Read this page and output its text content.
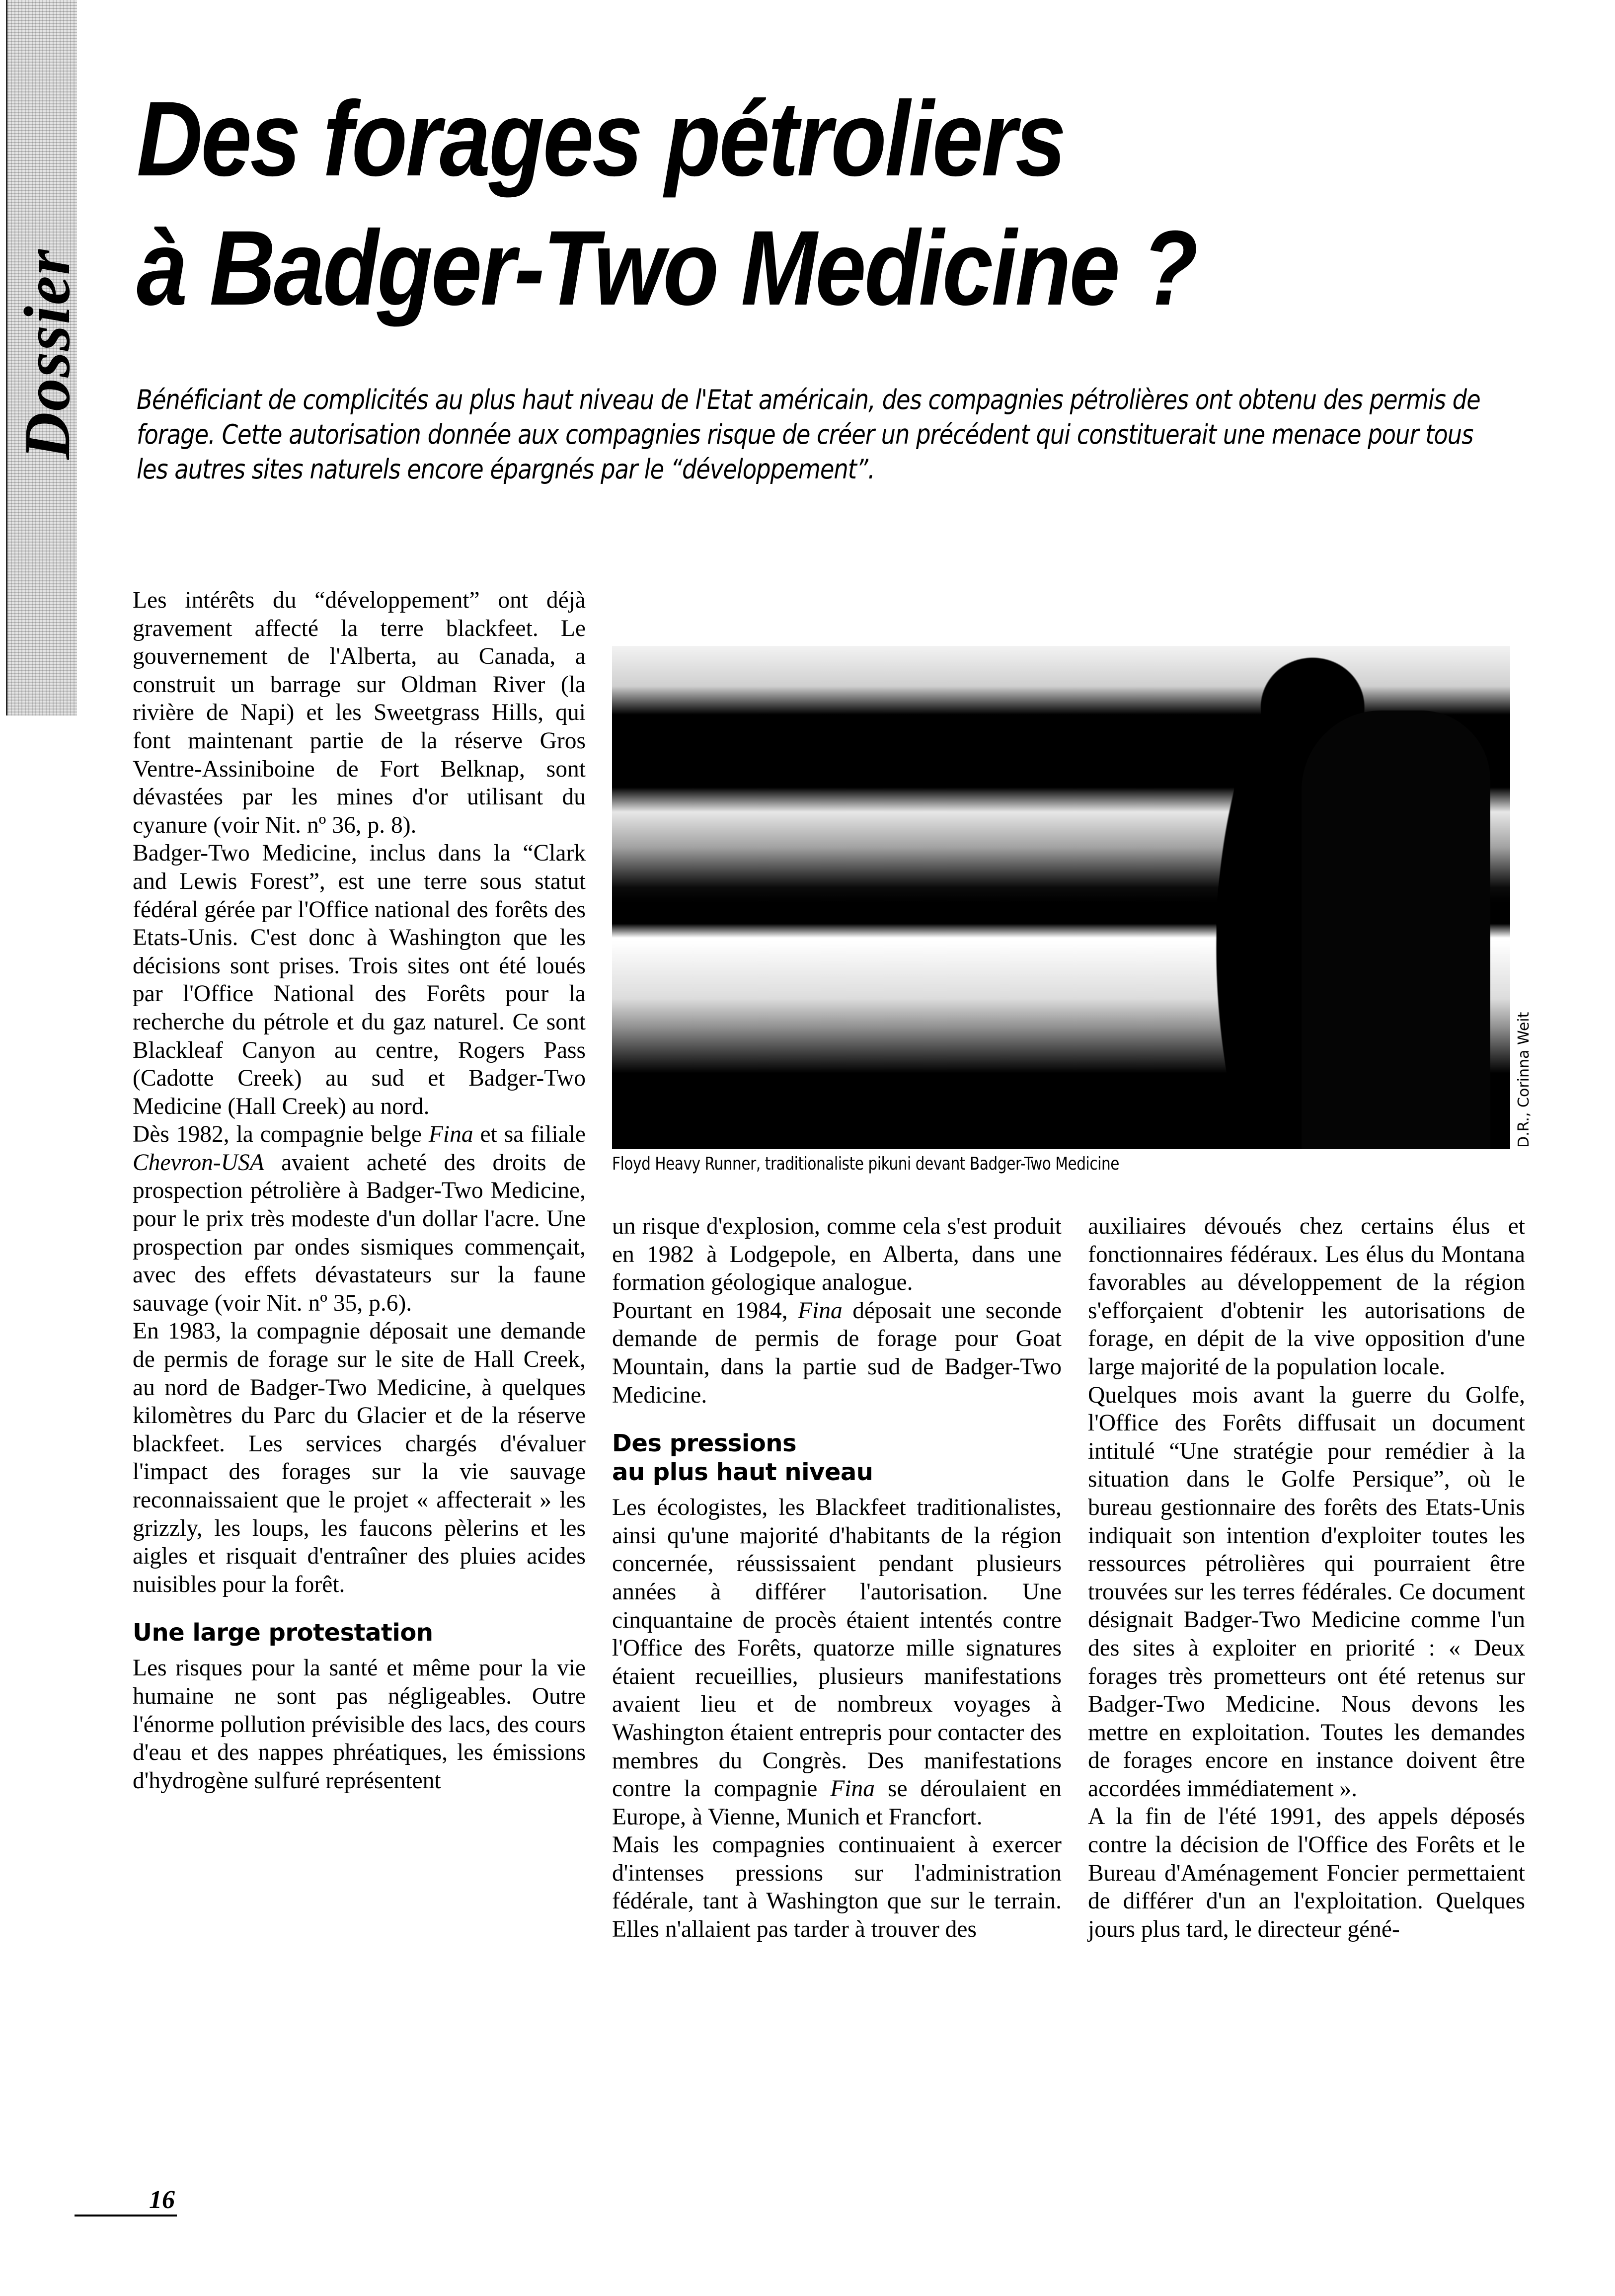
Dossier
Des forages pétroliers
à Badger-Two Medicine ?

Bénéficiant de complicités au plus haut niveau de l'Etat américain, des compagnies pétrolières ont obtenu des permis de forage. Cette autorisation donnée aux compagnies risque de créer un précédent qui constituerait une menace pour tous les autres sites naturels encore épargnés par le “développement”.

Les intérêts du “développement” ont déjà gravement affecté la terre blackfeet. Le gouvernement de l'Alberta, au Canada, a construit un barrage sur Oldman River (la rivière de Napi) et les Sweetgrass Hills, qui font maintenant partie de la réserve Gros Ventre-Assiniboine de Fort Belknap, sont dévastées par les mines d'or utilisant du cyanure (voir Nit. nº 36, p. 8).

Badger-Two Medicine, inclus dans la “Clark and Lewis Forest”, est une terre sous statut fédéral gérée par l'Office national des forêts des Etats-Unis. C'est donc à Washington que les décisions sont prises. Trois sites ont été loués par l'Office National des Forêts pour la recherche du pétrole et du gaz naturel. Ce sont Blackleaf Canyon au centre, Rogers Pass (Cadotte Creek) au sud et Badger-Two Medicine (Hall Creek) au nord.

Dès 1982, la compagnie belge Fina et sa filiale Chevron-USA avaient acheté des droits de prospection pétrolière à Badger-Two Medicine, pour le prix très modeste d'un dollar l'acre. Une prospection par ondes sismiques commençait, avec des effets dévastateurs sur la faune sauvage (voir Nit. nº 35, p.6).

En 1983, la compagnie déposait une demande de permis de forage sur le site de Hall Creek, au nord de Badger-Two Medicine, à quelques kilomètres du Parc du Glacier et de la réserve blackfeet. Les services chargés d'évaluer l'impact des forages sur la vie sauvage reconnaissaient que le projet « affecterait » les grizzly, les loups, les faucons pèlerins et les aigles et risquait d'entraîner des pluies acides nuisibles pour la forêt.

Une large protestation

Les risques pour la santé et même pour la vie humaine ne sont pas négligeables. Outre l'énorme pollution prévisible des lacs, des cours d'eau et des nappes phréatiques, les émissions d'hydrogène sulfuré représentent

Floyd Heavy Runner, traditionaliste pikuni devant Badger-Two Medicine

D.R., Corinna Weit

un risque d'explosion, comme cela s'est produit en 1982 à Lodgepole, en Alberta, dans une formation géologique analogue.

Pourtant en 1984, Fina déposait une seconde demande de permis de forage pour Goat Mountain, dans la partie sud de Badger-Two Medicine.

Des pressions
au plus haut niveau

Les écologistes, les Blackfeet traditionalistes, ainsi qu'une majorité d'habitants de la région concernée, réussissaient pendant plusieurs années à différer l'autorisation. Une cinquantaine de procès étaient intentés contre l'Office des Forêts, quatorze mille signatures étaient recueillies, plusieurs manifestations avaient lieu et de nombreux voyages à Washington étaient entrepris pour contacter des membres du Congrès. Des manifestations contre la compagnie Fina se déroulaient en Europe, à Vienne, Munich et Francfort.

Mais les compagnies continuaient à exercer d'intenses pressions sur l'administration fédérale, tant à Washington que sur le terrain. Elles n'allaient pas tarder à trouver des

auxiliaires dévoués chez certains élus et fonctionnaires fédéraux. Les élus du Montana favorables au développement de la région s'efforçaient d'obtenir les autorisations de forage, en dépit de la vive opposition d'une large majorité de la population locale.

Quelques mois avant la guerre du Golfe, l'Office des Forêts diffusait un document intitulé “Une stratégie pour remédier à la situation dans le Golfe Persique”, où le bureau gestionnaire des forêts des Etats-Unis indiquait son intention d'exploiter toutes les ressources pétrolières qui pourraient être trouvées sur les terres fédérales. Ce document désignait Badger-Two Medicine comme l'un des sites à exploiter en priorité : « Deux forages très prometteurs ont été retenus sur Badger-Two Medicine. Nous devons les mettre en exploitation. Toutes les demandes de forages encore en instance doivent être accordées immédiatement ».

A la fin de l'été 1991, des appels déposés contre la décision de l'Office des Forêts et le Bureau d'Aménagement Foncier permettaient de différer d'un an l'exploitation. Quelques jours plus tard, le directeur géné-

16
